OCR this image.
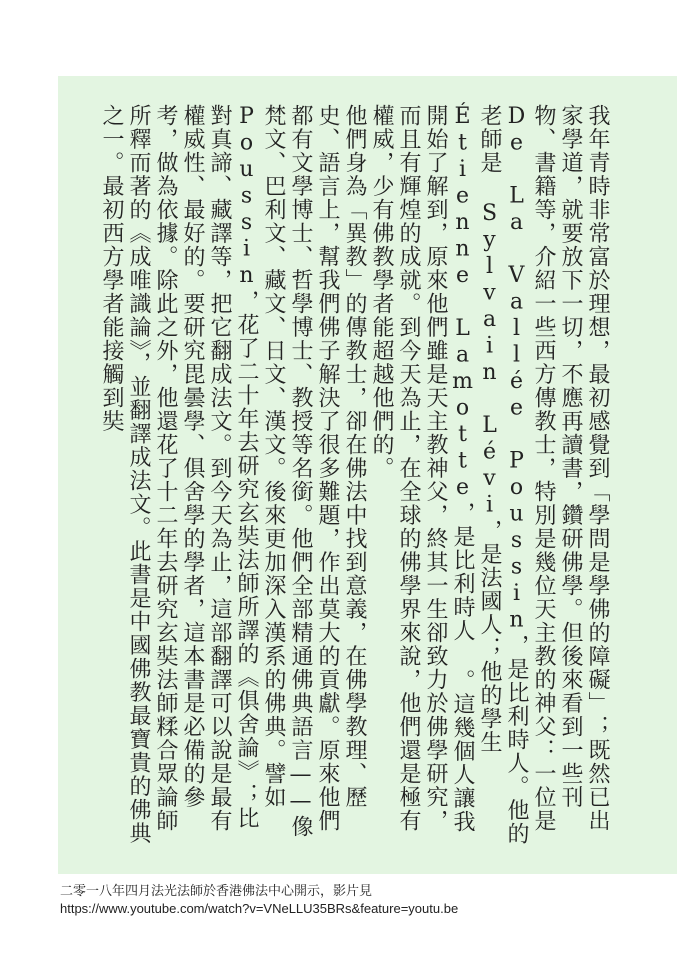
我年青時非常富於理想，最初感覺到「學問是學佛的障礙」；既然已出家學道，就要放下一切，不應再讀書，鑽研佛學。但後來看到一些刊物、書籍等，介紹一些西方傳教士，特別是幾位天主教的神父：一位是 De La Vallée Poussin，是比利時人。他的老師是 Sylvain Lévi，是法國人；他的學生 Étienne Lamotte，是比利時人 。這幾個人讓我開始了解到，原來他們雖是天主教神父，終其一生卻致力於佛學研究，而且有輝煌的成就。到今天為止，在全球的佛學界來說，他們還是極有權威，少有佛教學者能超越他們的。

他們身為「異教」的傳教士，卻在佛法中找到意義，在佛學教理、歷史、語言上，幫我們佛子解決了很多難題，作出莫大的貢獻。原來他們都有文學博士、哲學博士、教授等名銜。他們全部精通佛典語言——像梵文、巴利文、藏文、日文、漢文。後來更加深入漢系的佛典。譬如 Poussin，花了二十年去研究玄奘法師所譯的《俱舍論》；比對真諦、藏譯等，把它翻成法文。到今天為止，這部翻譯可以說是最有權威性、最好的。要研究毘曇學、俱舍學的學者，這本書是必備的參考，做為依據。除此之外，他還花了十二年去研究玄奘法師糅合眾論師所釋而著的《成唯識論》，並翻譯成法文。此書是中國佛教最寶貴的佛典之一。最初西方學者能接觸到奘

二零一八年四月法光法師於香港佛法中心開示，影片見
https://www.youtube.com/watch?v=VNeLLU35BRs&feature=youtu.be
